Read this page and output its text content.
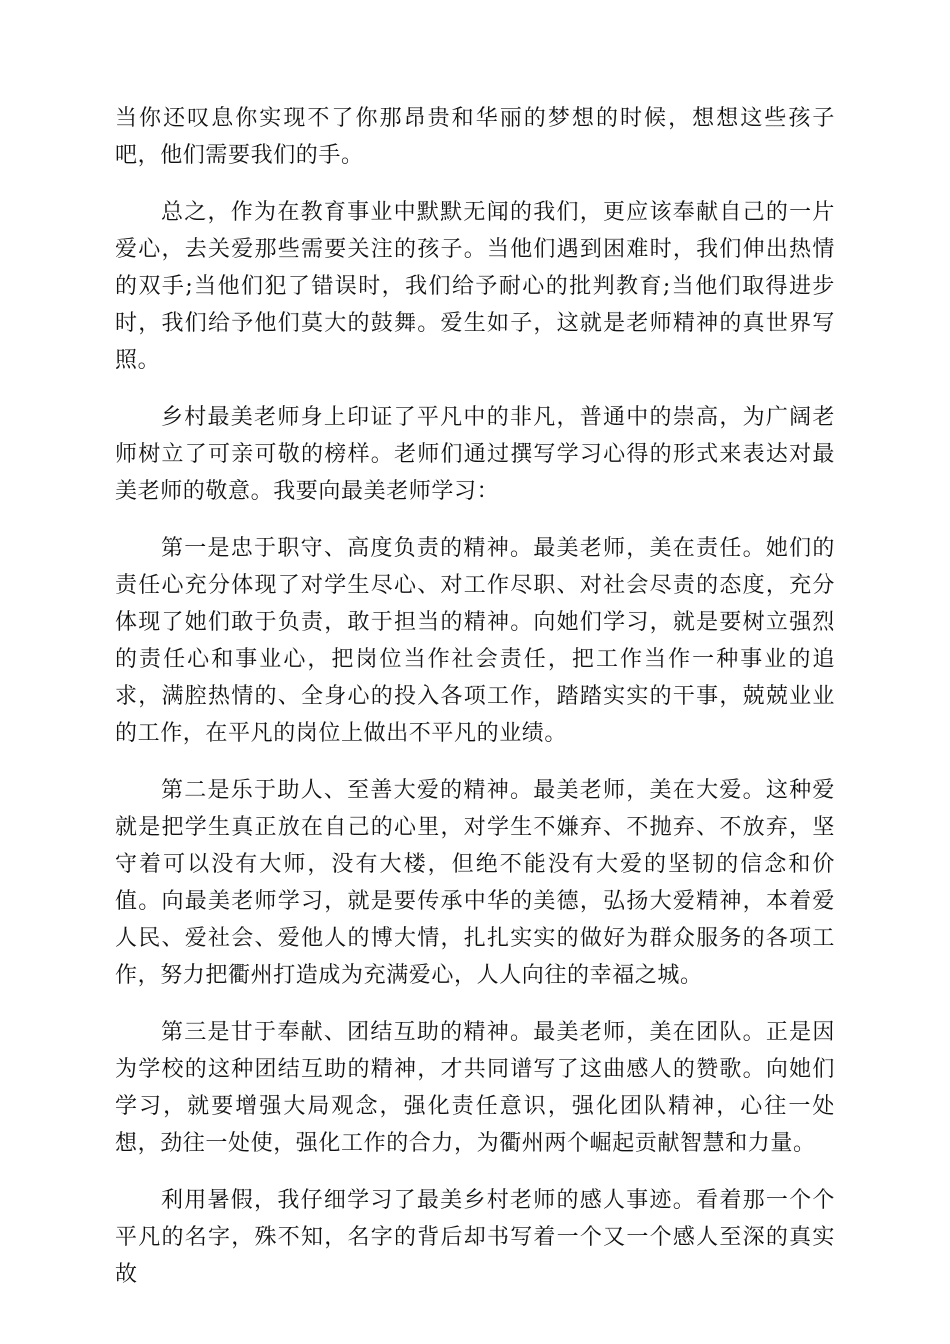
当你还叹息你实现不了你那昂贵和华丽的梦想的时候，想想这些孩子吧，他们需要我们的手。

总之，作为在教育事业中默默无闻的我们，更应该奉献自己的一片爱心，去关爱那些需要关注的孩子。当他们遇到困难时，我们伸出热情的双手;当他们犯了错误时，我们给予耐心的批判教育;当他们取得进步时，我们给予他们莫大的鼓舞。爱生如子，这就是老师精神的真世界写照。

乡村最美老师身上印证了平凡中的非凡，普通中的崇高，为广阔老师树立了可亲可敬的榜样。老师们通过撰写学习心得的形式来表达对最美老师的敬意。我要向最美老师学习：

第一是忠于职守、高度负责的精神。最美老师，美在责任。她们的责任心充分体现了对学生尽心、对工作尽职、对社会尽责的态度，充分体现了她们敢于负责，敢于担当的精神。向她们学习，就是要树立强烈的责任心和事业心，把岗位当作社会责任，把工作当作一种事业的追求，满腔热情的、全身心的投入各项工作，踏踏实实的干事，兢兢业业的工作，在平凡的岗位上做出不平凡的业绩。

第二是乐于助人、至善大爱的精神。最美老师，美在大爱。这种爱就是把学生真正放在自己的心里，对学生不嫌弃、不抛弃、不放弃，坚守着可以没有大师，没有大楼，但绝不能没有大爱的坚韧的信念和价值。向最美老师学习，就是要传承中华的美德，弘扬大爱精神，本着爱人民、爱社会、爱他人的博大情，扎扎实实的做好为群众服务的各项工作，努力把衢州打造成为充满爱心，人人向往的幸福之城。

第三是甘于奉献、团结互助的精神。最美老师，美在团队。正是因为学校的这种团结互助的精神，才共同谱写了这曲感人的赞歌。向她们学习，就要增强大局观念，强化责任意识，强化团队精神，心往一处想，劲往一处使，强化工作的合力，为衢州两个崛起贡献智慧和力量。

利用暑假，我仔细学习了最美乡村老师的感人事迹。看着那一个个平凡的名字，殊不知，名字的背后却书写着一个又一个感人至深的真实故
